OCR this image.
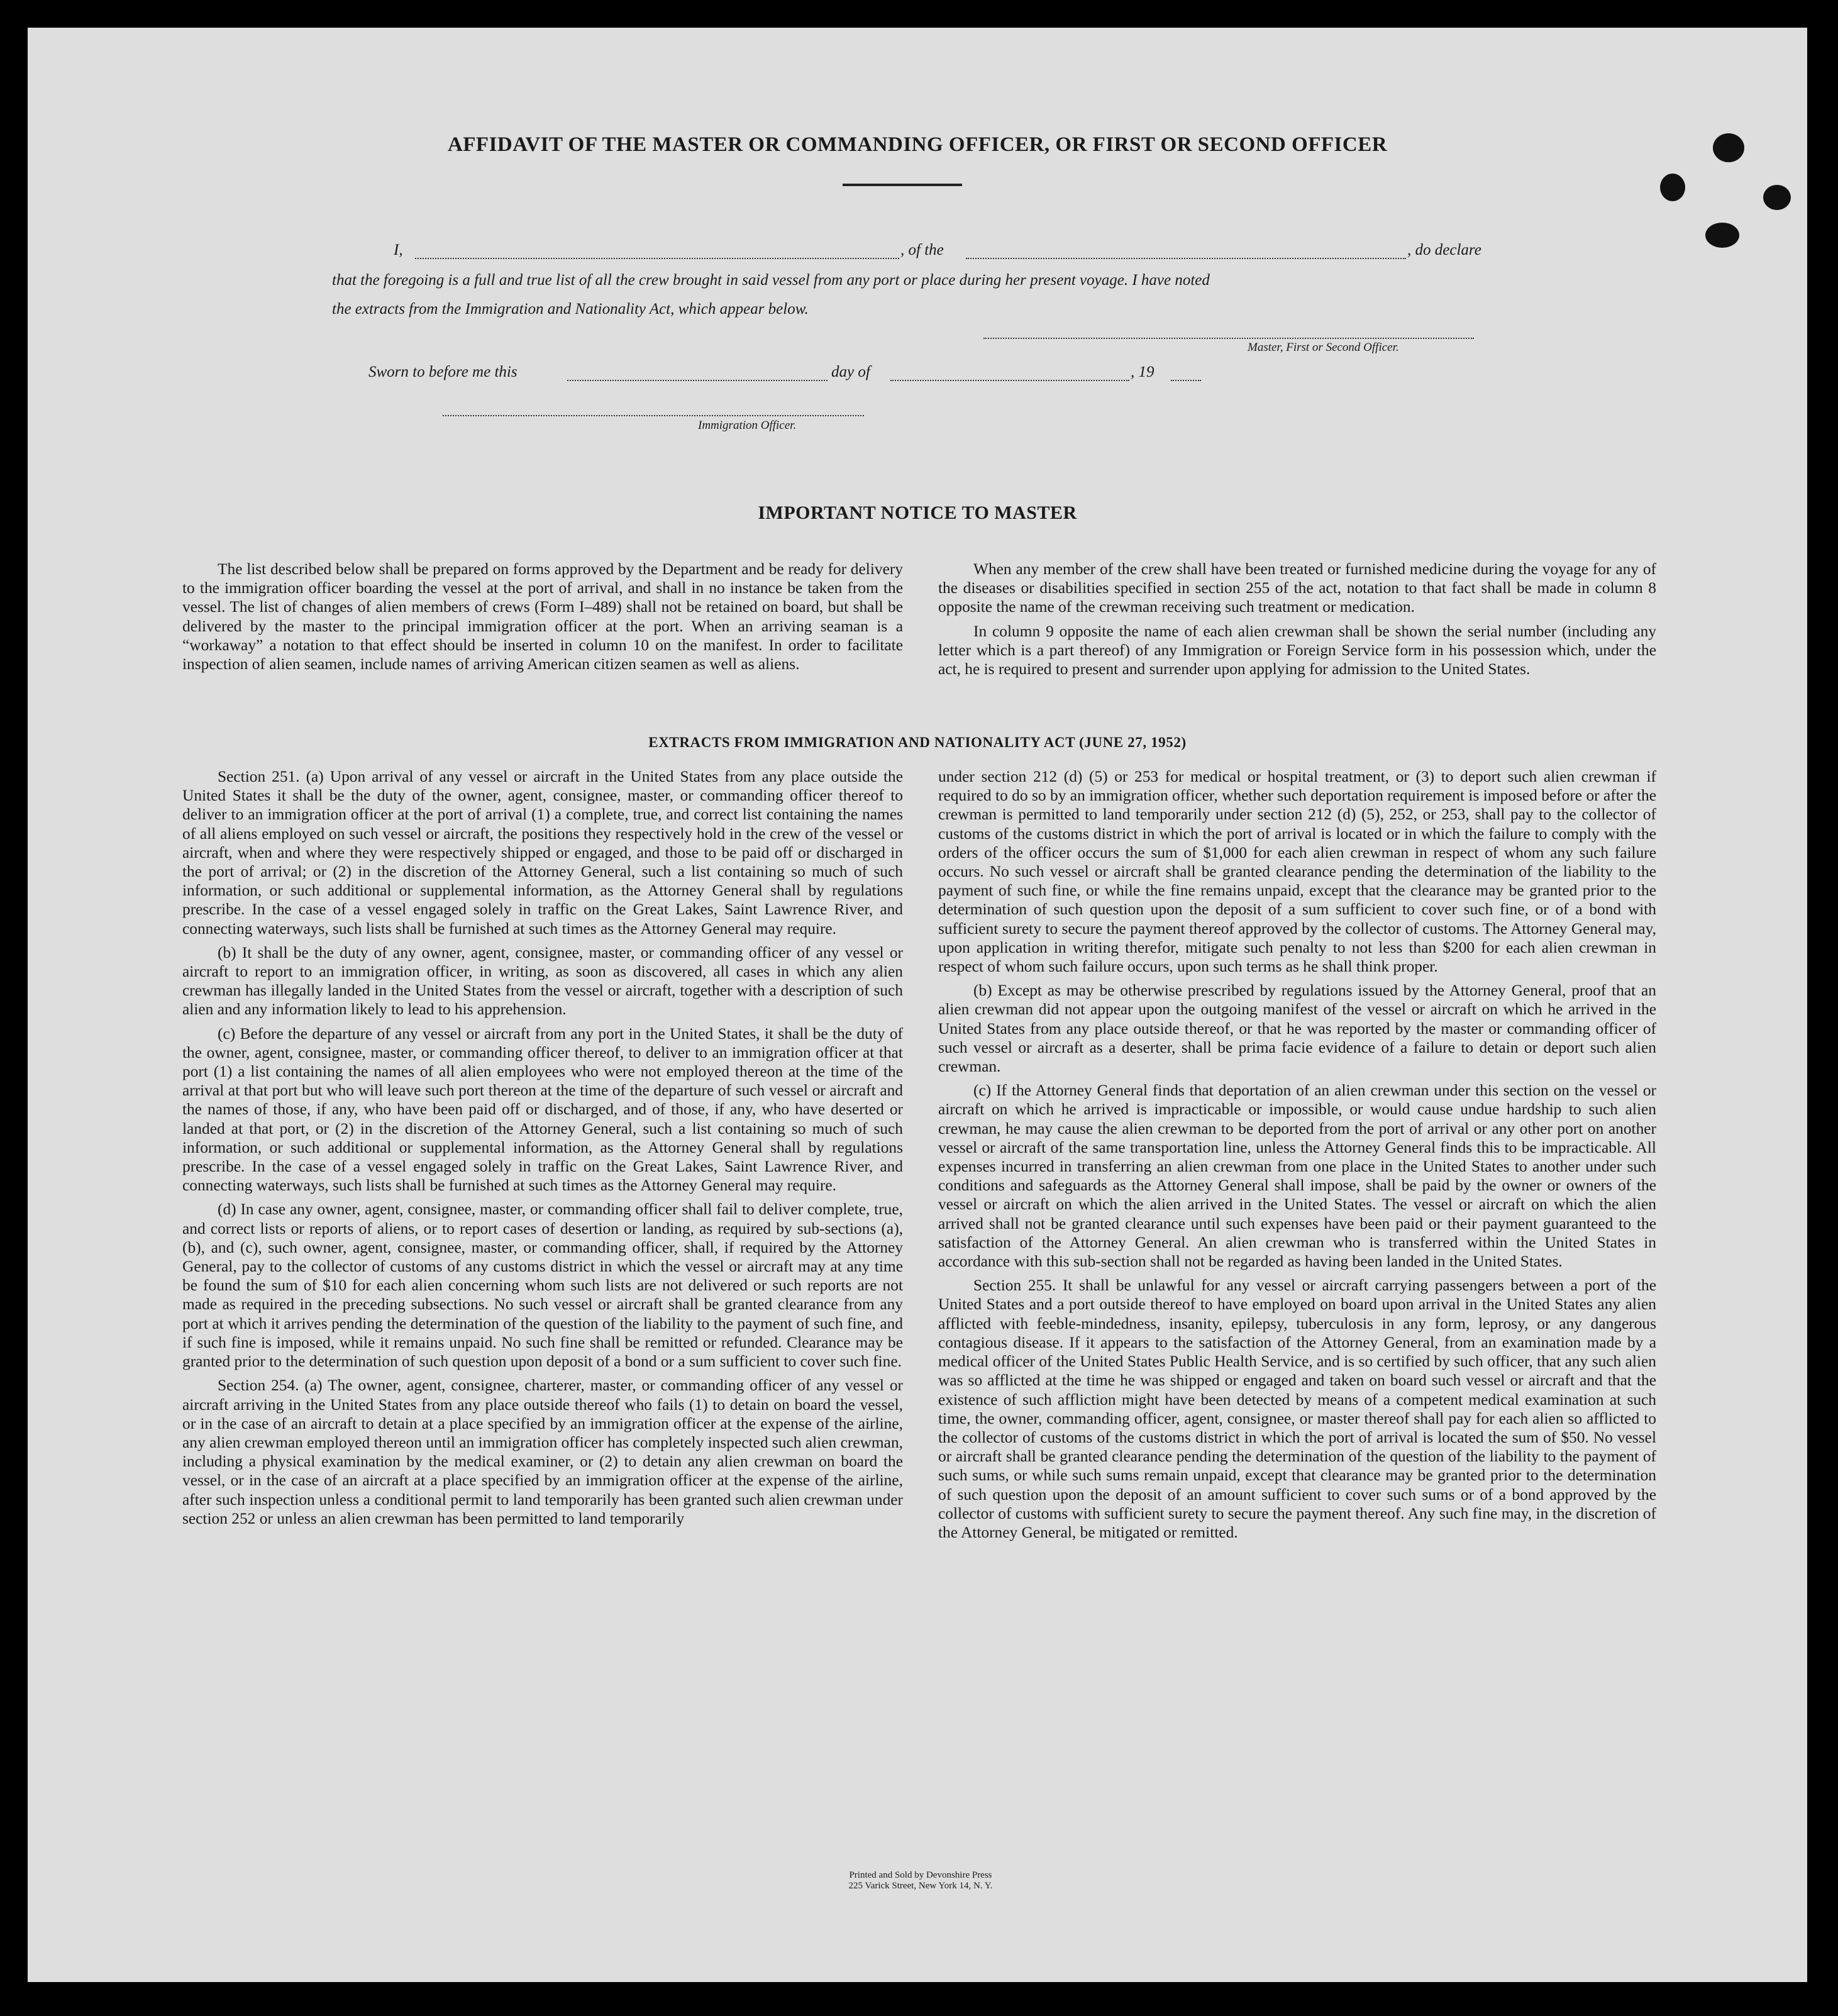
AFFIDAVIT OF THE MASTER OR COMMANDING OFFICER, OR FIRST OR SECOND OFFICER
I,	, of the	, do declare
that the foregoing is a full and true list of all the crew brought in said vessel from any port or place during her present voyage. I have noted
the extracts from the Immigration and Nationality Act, which appear below.
Master, First or Second Officer.
Sworn to before me this	day of	, 19
Immigration Officer.
IMPORTANT NOTICE TO MASTER

The list described below shall be prepared on forms approved by the Department and be ready for delivery to the immigration officer boarding the vessel at the port of arrival, and shall in no instance be taken from the vessel. The list of changes of alien members of crews (Form I–489) shall not be retained on board, but shall be delivered by the master to the principal immigration officer at the port. When an arriving seaman is a “workaway” a notation to that effect should be inserted in column 10 on the manifest. In order to facilitate inspection of alien seamen, include names of arriving American citizen seamen as well as aliens.

When any member of the crew shall have been treated or furnished medicine during the voyage for any of the diseases or disabilities specified in section 255 of the act, notation to that fact shall be made in column 8 opposite the name of the crewman receiving such treatment or medication.

In column 9 opposite the name of each alien crewman shall be shown the serial number (including any letter which is a part thereof) of any Immigration or Foreign Service form in his possession which, under the act, he is required to present and surrender upon applying for admission to the United States.

EXTRACTS FROM IMMIGRATION AND NATIONALITY ACT (JUNE 27, 1952)

Section 251. (a) Upon arrival of any vessel or aircraft in the United States from any place outside the United States it shall be the duty of the owner, agent, consignee, master, or commanding officer thereof to deliver to an immigration officer at the port of arrival (1) a complete, true, and correct list containing the names of all aliens employed on such vessel or aircraft, the positions they respectively hold in the crew of the vessel or aircraft, when and where they were respectively shipped or engaged, and those to be paid off or discharged in the port of arrival; or (2) in the discretion of the Attorney General, such a list containing so much of such information, or such additional or supplemental information, as the Attorney General shall by regulations prescribe. In the case of a vessel engaged solely in traffic on the Great Lakes, Saint Lawrence River, and connecting waterways, such lists shall be furnished at such times as the Attorney General may require.

(b) It shall be the duty of any owner, agent, consignee, master, or commanding officer of any vessel or aircraft to report to an immigration officer, in writing, as soon as discovered, all cases in which any alien crewman has illegally landed in the United States from the vessel or aircraft, together with a description of such alien and any information likely to lead to his apprehension.

(c) Before the departure of any vessel or aircraft from any port in the United States, it shall be the duty of the owner, agent, consignee, master, or commanding officer thereof, to deliver to an immigration officer at that port (1) a list containing the names of all alien employees who were not employed thereon at the time of the arrival at that port but who will leave such port thereon at the time of the departure of such vessel or aircraft and the names of those, if any, who have been paid off or discharged, and of those, if any, who have deserted or landed at that port, or (2) in the discretion of the Attorney General, such a list containing so much of such information, or such additional or supplemental information, as the Attorney General shall by regulations prescribe. In the case of a vessel engaged solely in traffic on the Great Lakes, Saint Lawrence River, and connecting waterways, such lists shall be furnished at such times as the Attorney General may require.

(d) In case any owner, agent, consignee, master, or commanding officer shall fail to deliver complete, true, and correct lists or reports of aliens, or to report cases of desertion or landing, as required by sub-sections (a), (b), and (c), such owner, agent, consignee, master, or commanding officer, shall, if required by the Attorney General, pay to the collector of customs of any customs district in which the vessel or aircraft may at any time be found the sum of $10 for each alien concerning whom such lists are not delivered or such reports are not made as required in the preceding subsections. No such vessel or aircraft shall be granted clearance from any port at which it arrives pending the determination of the question of the liability to the payment of such fine, and if such fine is imposed, while it remains unpaid. No such fine shall be remitted or refunded. Clearance may be granted prior to the determination of such question upon deposit of a bond or a sum sufficient to cover such fine.

Section 254. (a) The owner, agent, consignee, charterer, master, or commanding officer of any vessel or aircraft arriving in the United States from any place outside thereof who fails (1) to detain on board the vessel, or in the case of an aircraft to detain at a place specified by an immigration officer at the expense of the airline, any alien crewman employed thereon until an immigration officer has completely inspected such alien crewman, including a physical examination by the medical examiner, or (2) to detain any alien crewman on board the vessel, or in the case of an aircraft at a place specified by an immigration officer at the expense of the airline, after such inspection unless a conditional permit to land temporarily has been granted such alien crewman under section 252 or unless an alien crewman has been permitted to land temporarily

under section 212 (d) (5) or 253 for medical or hospital treatment, or (3) to deport such alien crewman if required to do so by an immigration officer, whether such deportation requirement is imposed before or after the crewman is permitted to land temporarily under section 212 (d) (5), 252, or 253, shall pay to the collector of customs of the customs district in which the port of arrival is located or in which the failure to comply with the orders of the officer occurs the sum of $1,000 for each alien crewman in respect of whom any such failure occurs. No such vessel or aircraft shall be granted clearance pending the determination of the liability to the payment of such fine, or while the fine remains unpaid, except that the clearance may be granted prior to the determination of such question upon the deposit of a sum sufficient to cover such fine, or of a bond with sufficient surety to secure the payment thereof approved by the collector of customs. The Attorney General may, upon application in writing therefor, mitigate such penalty to not less than $200 for each alien crewman in respect of whom such failure occurs, upon such terms as he shall think proper.

(b) Except as may be otherwise prescribed by regulations issued by the Attorney General, proof that an alien crewman did not appear upon the outgoing manifest of the vessel or aircraft on which he arrived in the United States from any place outside thereof, or that he was reported by the master or commanding officer of such vessel or aircraft as a deserter, shall be prima facie evidence of a failure to detain or deport such alien crewman.

(c) If the Attorney General finds that deportation of an alien crewman under this section on the vessel or aircraft on which he arrived is impracticable or impossible, or would cause undue hardship to such alien crewman, he may cause the alien crewman to be deported from the port of arrival or any other port on another vessel or aircraft of the same transportation line, unless the Attorney General finds this to be impracticable. All expenses incurred in transferring an alien crewman from one place in the United States to another under such conditions and safeguards as the Attorney General shall impose, shall be paid by the owner or owners of the vessel or aircraft on which the alien arrived in the United States. The vessel or aircraft on which the alien arrived shall not be granted clearance until such expenses have been paid or their payment guaranteed to the satisfaction of the Attorney General. An alien crewman who is transferred within the United States in accordance with this sub-section shall not be regarded as having been landed in the United States.

Section 255. It shall be unlawful for any vessel or aircraft carrying passengers between a port of the United States and a port outside thereof to have employed on board upon arrival in the United States any alien afflicted with feeble-mindedness, insanity, epilepsy, tuberculosis in any form, leprosy, or any dangerous contagious disease. If it appears to the satisfaction of the Attorney General, from an examination made by a medical officer of the United States Public Health Service, and is so certified by such officer, that any such alien was so afflicted at the time he was shipped or engaged and taken on board such vessel or aircraft and that the existence of such affliction might have been detected by means of a competent medical examination at such time, the owner, commanding officer, agent, consignee, or master thereof shall pay for each alien so afflicted to the collector of customs of the customs district in which the port of arrival is located the sum of $50. No vessel or aircraft shall be granted clearance pending the determination of the question of the liability to the payment of such sums, or while such sums remain unpaid, except that clearance may be granted prior to the determination of such question upon the deposit of an amount sufficient to cover such sums or of a bond approved by the collector of customs with sufficient surety to secure the payment thereof. Any such fine may, in the discretion of the Attorney General, be mitigated or remitted.

Printed and Sold by Devonshire Press
225 Varick Street, New York 14, N. Y.
